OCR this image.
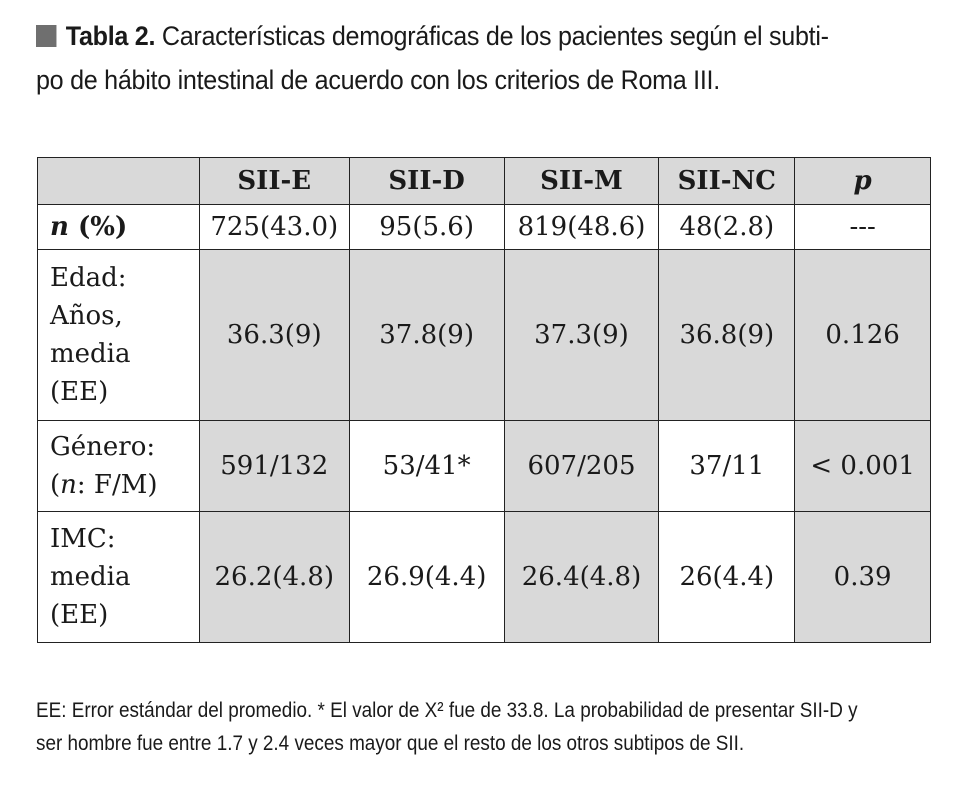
Tabla 2. Características demográficas de los pacientes según el subti-
po de hábito intestinal de acuerdo con los criterios de Roma III.
	SII-E	SII-D	SII-M	SII-NC	p
n (%)	725(43.0)	95(5.6)	819(48.6)	48(2.8)	---

Edad:
Años,
media
(EE)	36.3(9)	37.8(9)	37.3(9)	36.8(9)	0.126

Género:
(n: F/M)	591/132	53/41*	607/205	37/11	< 0.001

IMC:
media
(EE)	26.2(4.8)	26.9(4.4)	26.4(4.8)	26(4.4)	0.39
EE: Error estándar del promedio. * El valor de X² fue de 33.8. La probabilidad de presentar SII-D y
ser hombre fue entre 1.7 y 2.4 veces mayor que el resto de los otros subtipos de SII.
